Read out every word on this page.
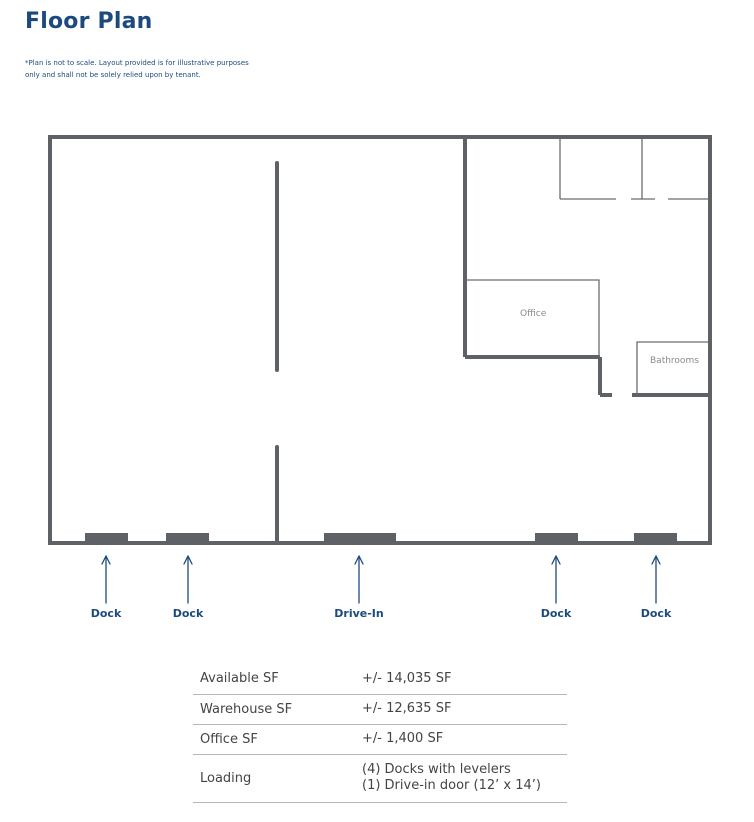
Floor Plan
*Plan is not to scale. Layout provided is for illustrative purposes
only and shall not be solely relied upon by tenant.
Office
Bathrooms
Dock	Dock	Drive-In	Dock	Dock
Available SF	+/- 14,035 SF
Warehouse SF	+/- 12,635 SF
Office SF	+/- 1,400 SF
Loading	(4) Docks with levelers
(1) Drive-in door (12’ x 14’)
